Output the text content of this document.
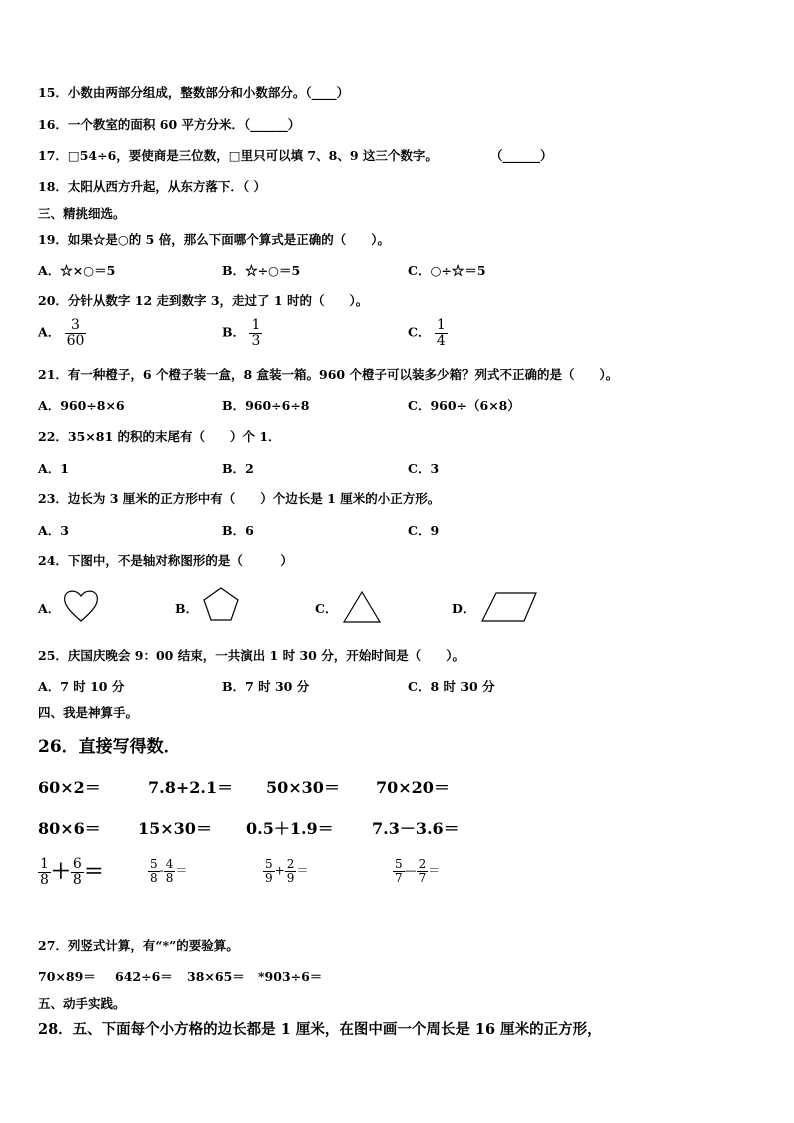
15．小数由两部分组成，整数部分和小数部分。（____）
16．一个教室的面积 60 平方分米．（______）
17．□54÷6，要使商是三位数，□里只可以填 7、8、9 这三个数字。	（______）
18．太阳从西方升起，从东方落下．（ ）
三、精挑细选。
19．如果☆是○的 5 倍，那么下面哪个算式是正确的（　　）。
A．☆×○＝5	B．☆÷○＝5	C．○÷☆＝5
20．分针从数字 12 走到数字 3，走过了 1 时的（　　）。
A． $\frac{3}{60}$	B． $\frac{1}{3}$	C． $\frac{1}{4}$
21．有一种橙子，6 个橙子装一盒，8 盒装一箱。960 个橙子可以装多少箱？列式不正确的是（　　）。
A．960÷8×6	B．960÷6÷8	C．960÷（6×8）
22．35×81 的积的末尾有（　　）个 1．
A．1	B．2	C．3
23．边长为 3 厘米的正方形中有（　　）个边长是 1 厘米的小正方形。
A．3	B．6	C．9
24．下图中，不是轴对称图形的是（　　　）
A．	B．	C．	D．
25．庆国庆晚会 9：00 结束，一共演出 1 时 30 分，开始时间是（　　）。
A．7 时 10 分	B．7 时 30 分	C．8 时 30 分
四、我是神算手。
26．直接写得数．
60×2＝	7.8+2.1＝ 50×30＝ 70×20＝
80×6＝ 15×30＝ 0.5＋1.9＝ 7.3－3.6＝
$\frac{1}{8} + \frac{6}{8}$ ＝	$\frac{5}{8} - \frac{4}{8}$ ＝	$\frac{5}{9} + \frac{2}{9}$ ＝	$\frac{5}{7}$ — $\frac{2}{7}$ ＝
27．列竖式计算，有“*”的要验算。
70×89＝ 642÷6＝ 38×65＝ *903÷6＝
五、动手实践。
28．五、下面每个小方格的边长都是 1 厘米，在图中画一个周长是 16 厘米的正方形，
